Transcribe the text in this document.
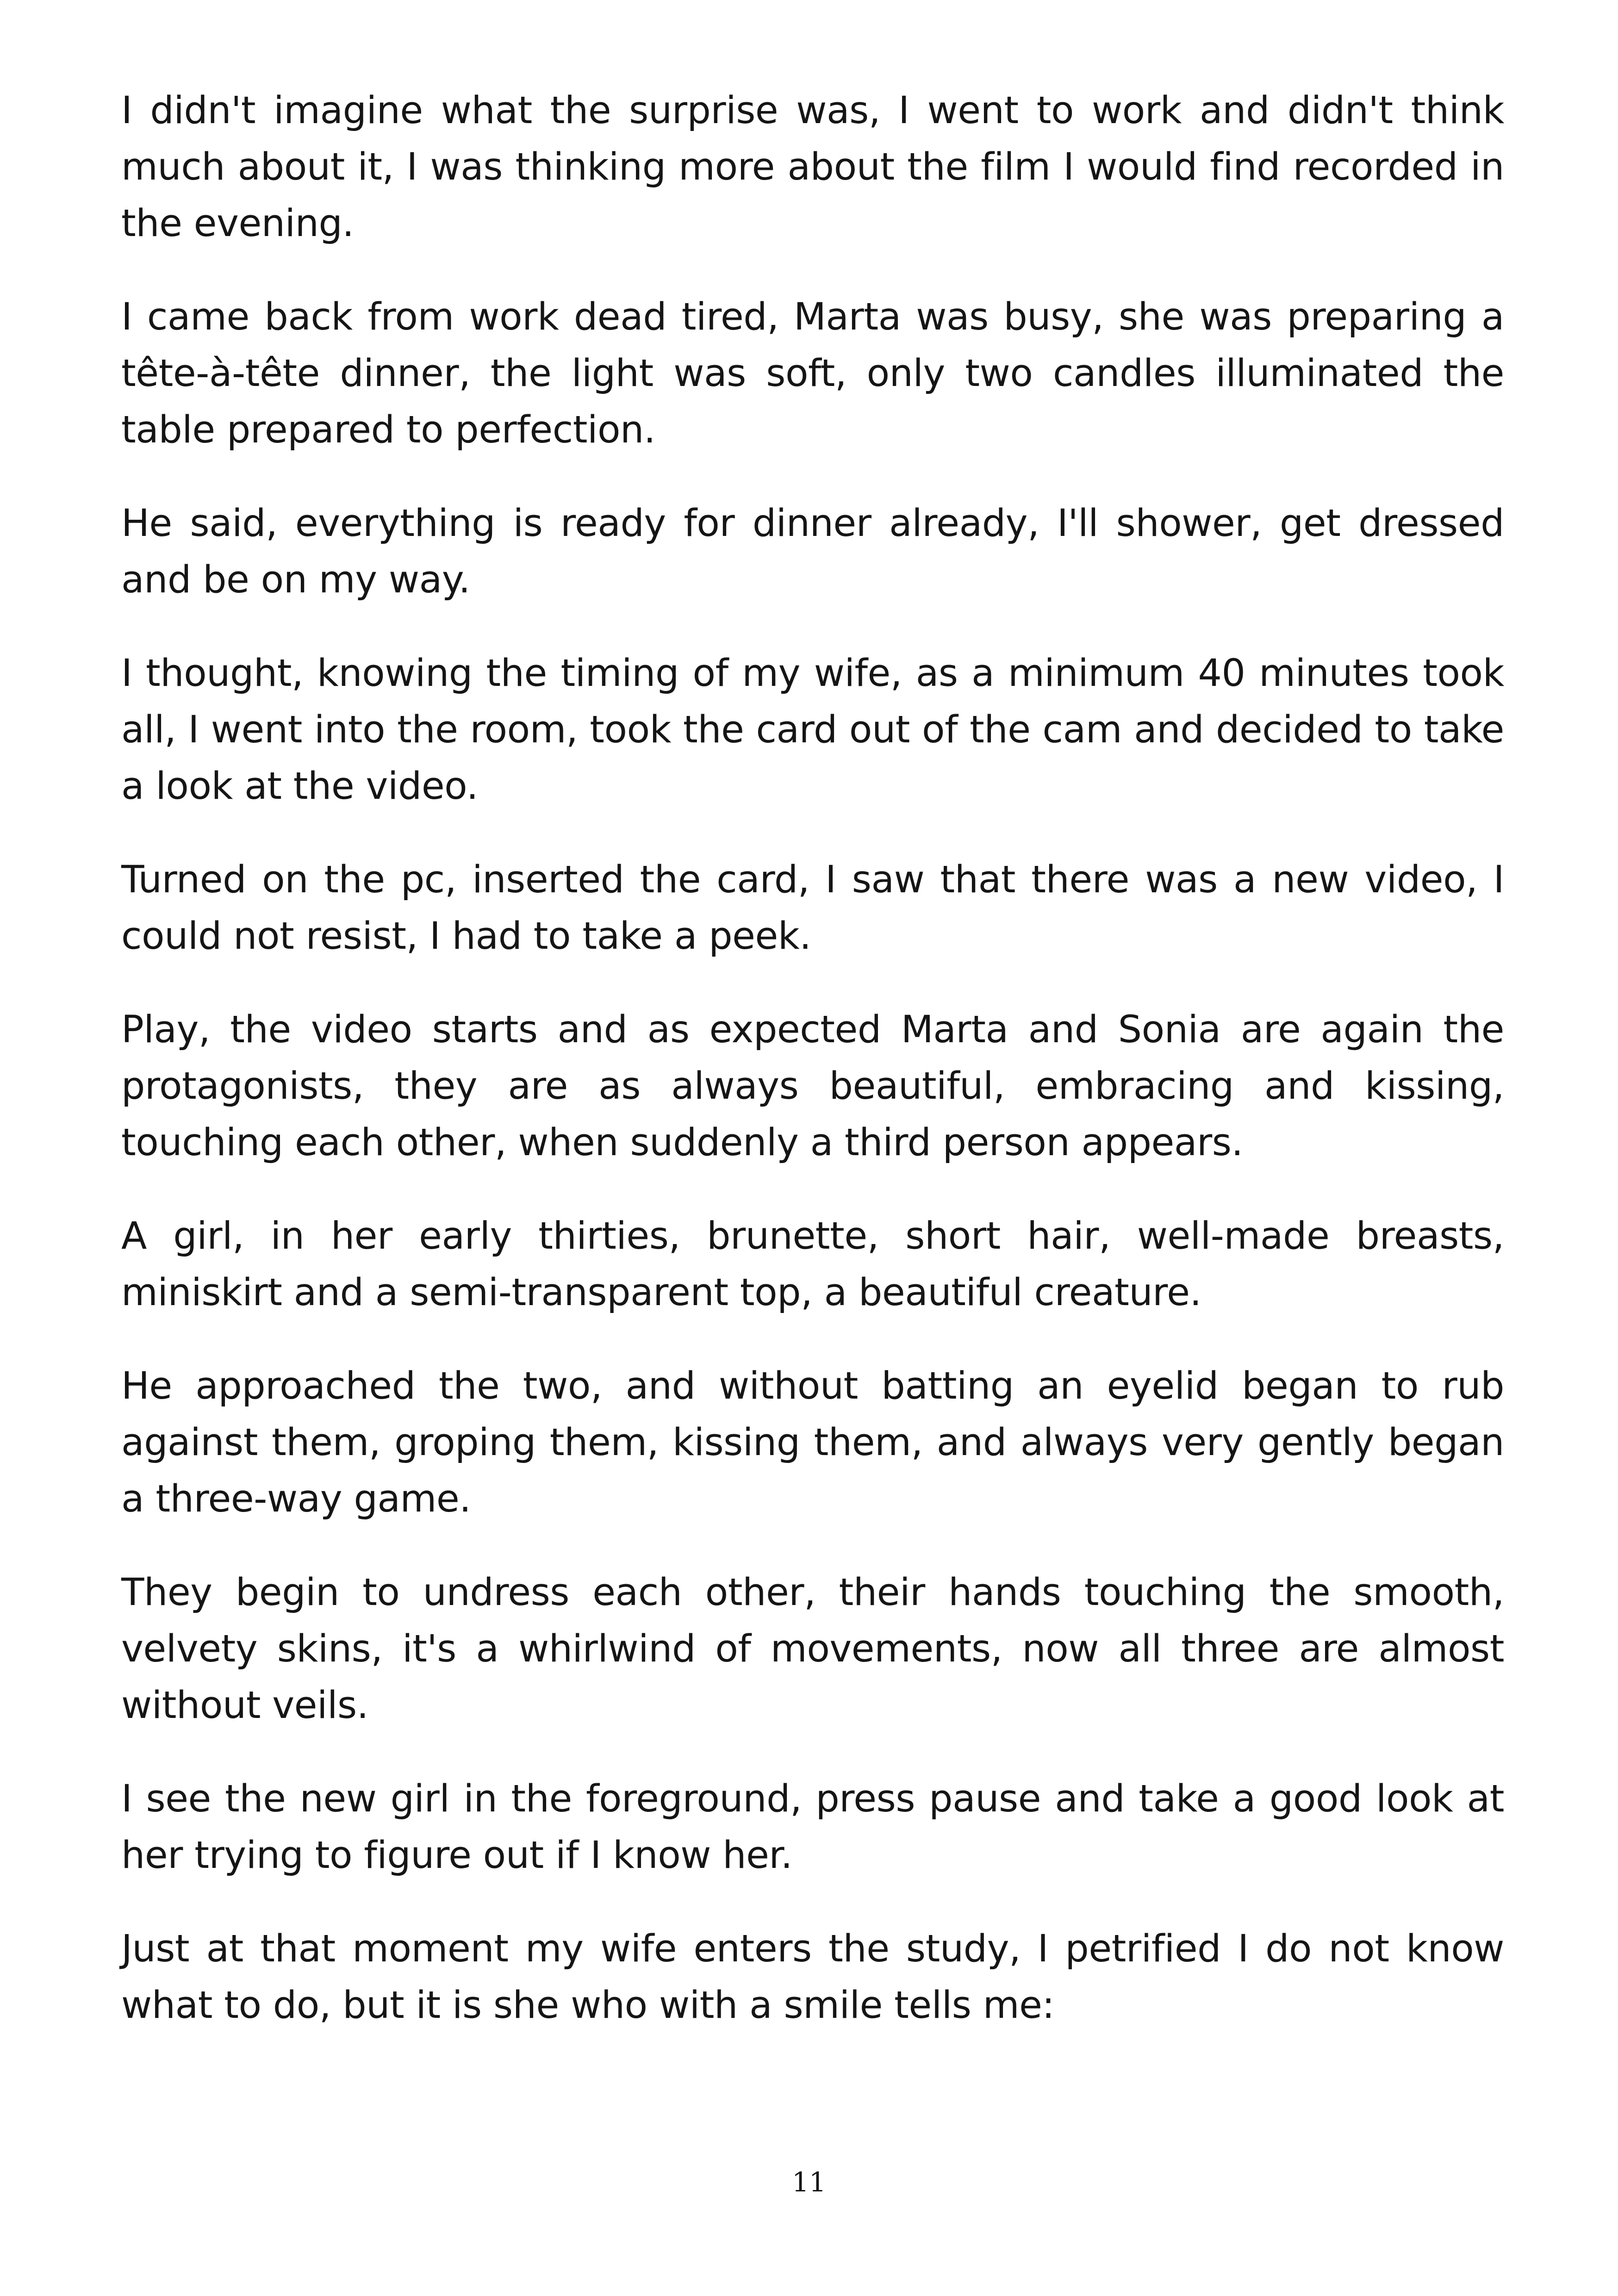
I didn't imagine what the surprise was, I went to work and didn't think much about it, I was thinking more about the film I would find recorded in the evening.

I came back from work dead tired, Marta was busy, she was preparing a tête-à-tête dinner, the light was soft, only two candles illuminated the table prepared to perfection.

He said, everything is ready for dinner already, I'll shower, get dressed and be on my way.

I thought, knowing the timing of my wife, as a minimum 40 minutes took all, I went into the room, took the card out of the cam and decided to take a look at the video.

Turned on the pc, inserted the card, I saw that there was a new video, I could not resist, I had to take a peek.

Play, the video starts and as expected Marta and Sonia are again the protagonists, they are as always beautiful, embracing and kissing, touching each other, when suddenly a third person appears.

A girl, in her early thirties, brunette, short hair, well-made breasts, miniskirt and a semi-transparent top, a beautiful creature.

He approached the two, and without batting an eyelid began to rub against them, groping them, kissing them, and always very gently began a three-way game.

They begin to undress each other, their hands touching the smooth, velvety skins, it's a whirlwind of movements, now all three are almost without veils.

I see the new girl in the foreground, press pause and take a good look at her trying to figure out if I know her.

Just at that moment my wife enters the study, I petrified I do not know what to do, but it is she who with a smile tells me:

11
